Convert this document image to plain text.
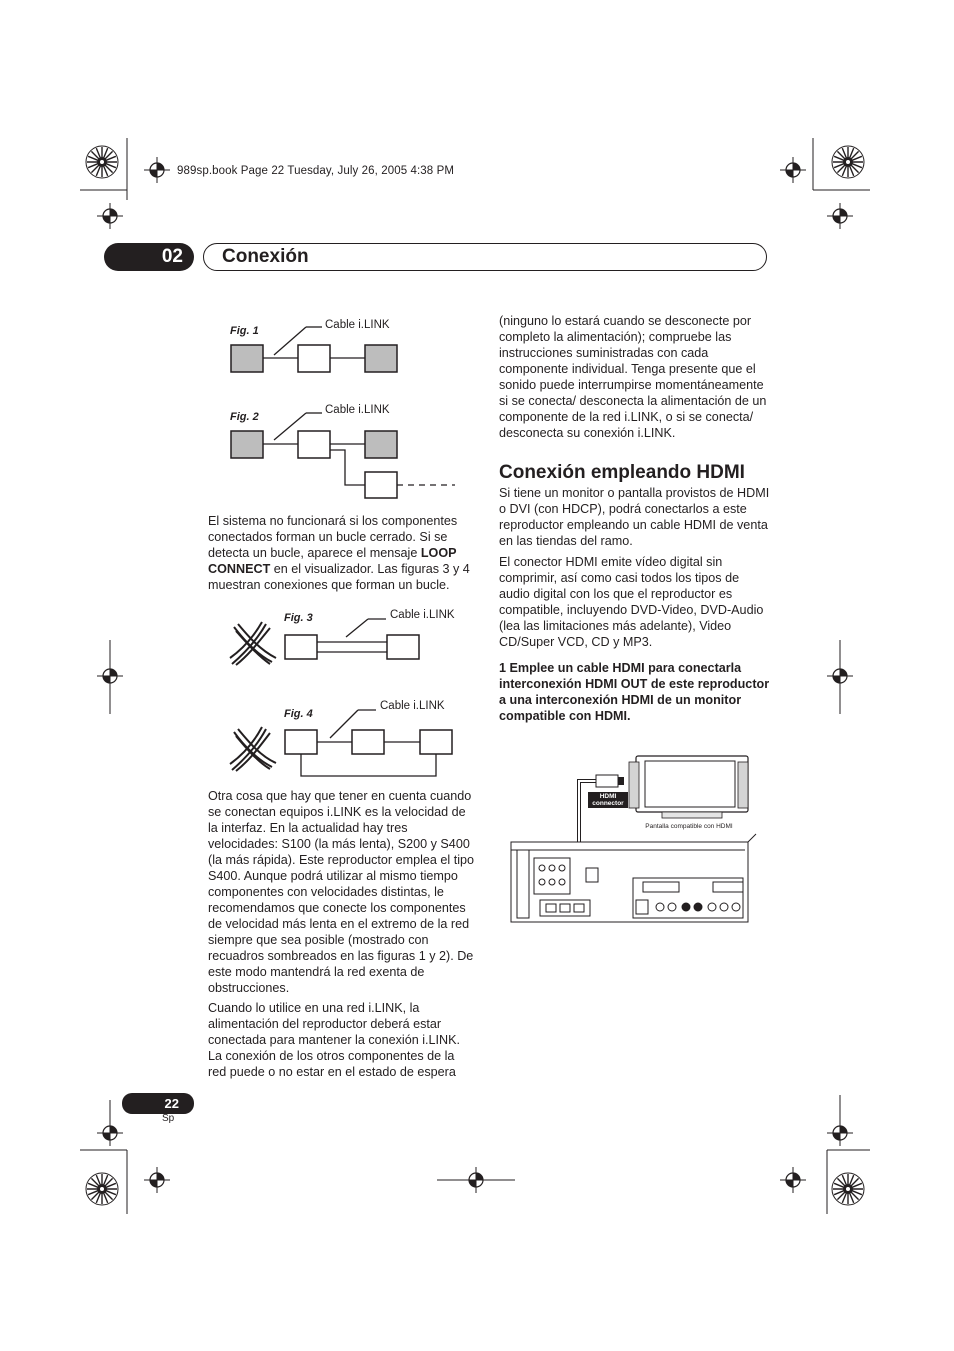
989sp.book Page 22 Tuesday, July 26, 2005 4:38 PM
02	Conexión
Fig. 1	Cable i.LINK
Fig. 2
Cable i.LINK

El sistema no funcionará si los componentes conectados forman un bucle cerrado. Si se detecta un bucle, aparece el mensaje LOOP CONNECT en el visualizador. Las figuras 3 y 4 muestran conexiones que forman un bucle.

Fig. 3	Cable i.LINK
Fig. 4
Cable i.LINK

Otra cosa que hay que tener en cuenta cuando se conectan equipos i.LINK es la velocidad de la interfaz. En la actualidad hay tres velocidades: S100 (la más lenta), S200 y S400 (la más rápida). Este reproductor emplea el tipo S400. Aunque podrá utilizar al mismo tiempo componentes con velocidades distintas, le recomendamos que conecte los componentes de velocidad más lenta en el extremo de la red siempre que sea posible (mostrado con recuadros sombreados en las figuras 1 y 2). De este modo mantendrá la red exenta de obstrucciones.

Cuando lo utilice en una red i.LINK, la alimentación del reproductor deberá estar conectada para mantener la conexión i.LINK. La conexión de los otros componentes de la red puede o no estar en el estado de espera

(ninguno lo estará cuando se desconecte por completo la alimentación); compruebe las instrucciones suministradas con cada componente individual. Tenga presente que el sonido puede interrumpirse momentáneamente si se conecta/ desconecta la alimentación de un componente de la red i.LINK, o si se conecta/ desconecta su conexión i.LINK.

Conexión empleando HDMI

Si tiene un monitor o pantalla provistos de HDMI o DVI (con HDCP), podrá conectarlos a este reproductor empleando un cable HDMI de venta en las tiendas del ramo.

El conector HDMI emite vídeo digital sin comprimir, así como casi todos los tipos de audio digital con los que el reproductor es compatible, incluyendo DVD-Video, DVD-Audio (lea las limitaciones más adelante), Video CD/Super VCD, CD y MP3.

1 Emplee un cable HDMI para conectarla interconexión HDMI OUT de este reproductor a una interconexión HDMI de un monitor compatible con HDMI.

HDMI
connector
Pantalla compatible con HDMI
22
Sp
